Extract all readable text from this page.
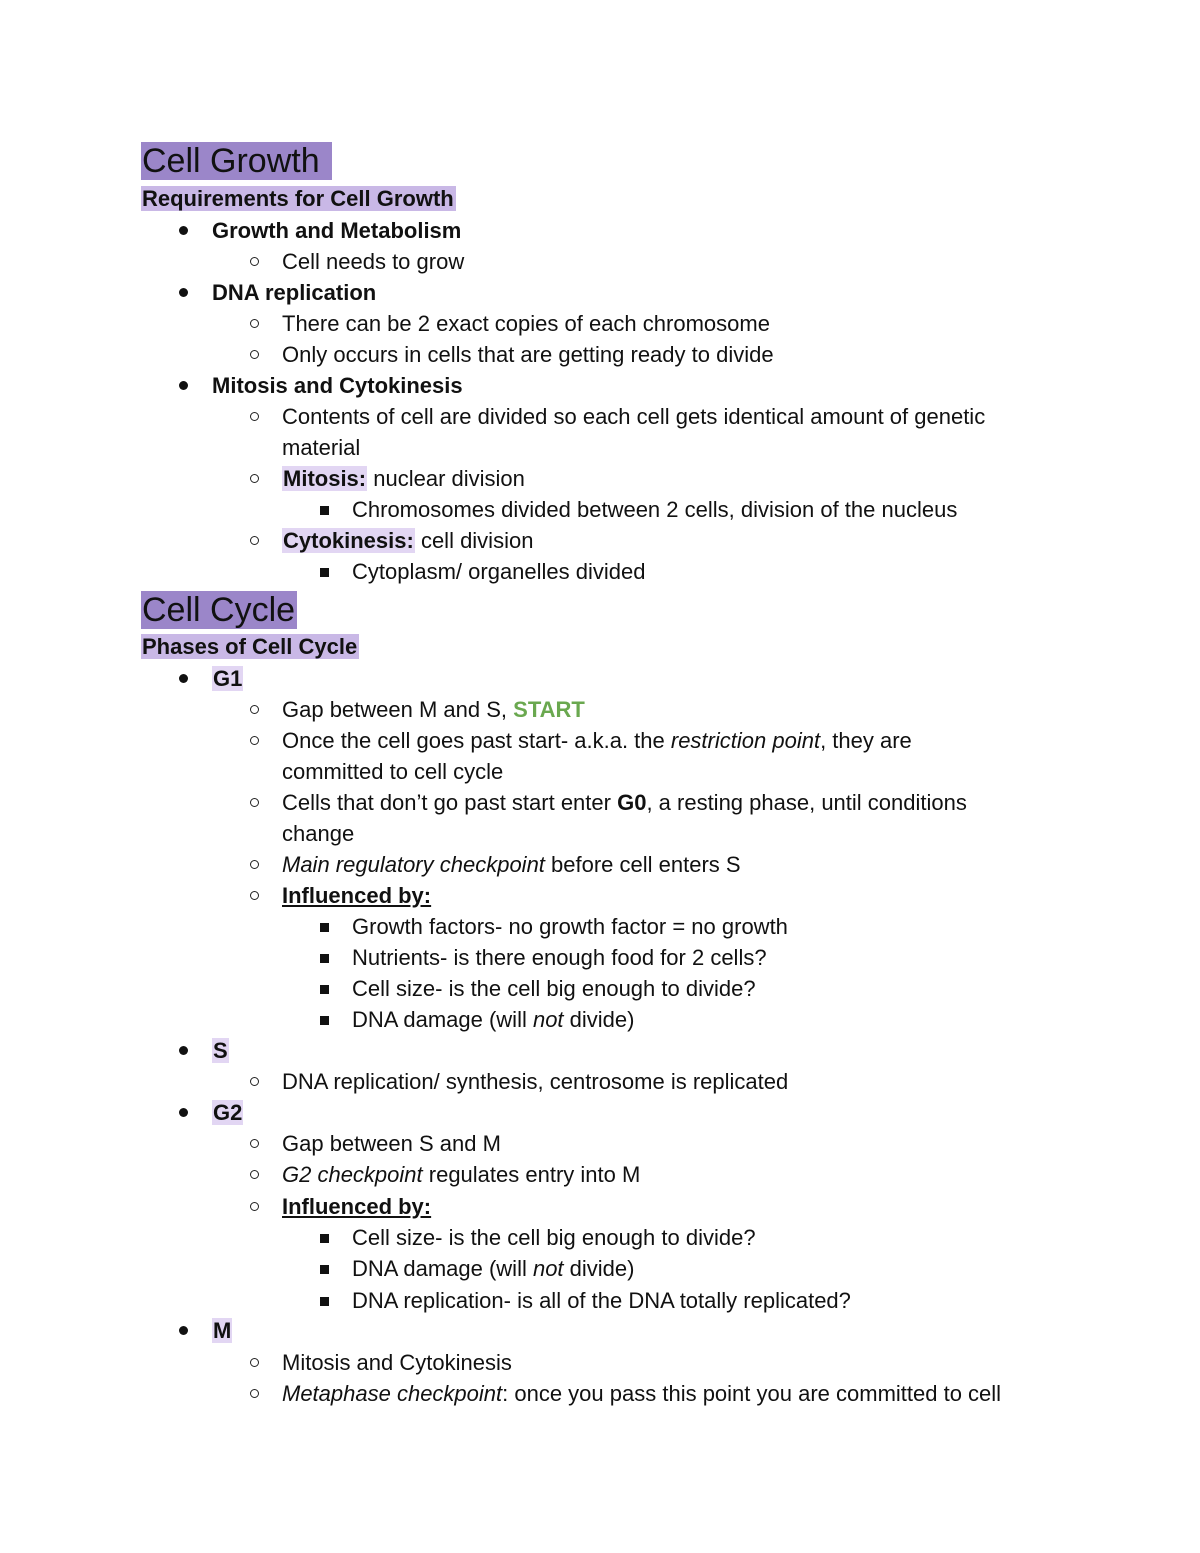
Cell Growth
Requirements for Cell Growth
Growth and Metabolism
Cell needs to grow
DNA replication
There can be 2 exact copies of each chromosome
Only occurs in cells that are getting ready to divide
Mitosis and Cytokinesis
Contents of cell are divided so each cell gets identical amount of genetic
material
Mitosis: nuclear division
Chromosomes divided between 2 cells, division of the nucleus
Cytokinesis: cell division
Cytoplasm/ organelles divided
Cell Cycle
Phases of Cell Cycle
G1
Gap between M and S, START
Once the cell goes past start- a.k.a. the restriction point, they are
committed to cell cycle
Cells that don’t go past start enter G0, a resting phase, until conditions
change
Main regulatory checkpoint before cell enters S
Influenced by:
Growth factors- no growth factor = no growth
Nutrients- is there enough food for 2 cells?
Cell size- is the cell big enough to divide?
DNA damage (will not divide)
S
DNA replication/ synthesis, centrosome is replicated
G2
Gap between S and M
G2 checkpoint regulates entry into M
Influenced by:
Cell size- is the cell big enough to divide?
DNA damage (will not divide)
DNA replication- is all of the DNA totally replicated?
M
Mitosis and Cytokinesis
Metaphase checkpoint: once you pass this point you are committed to cell
